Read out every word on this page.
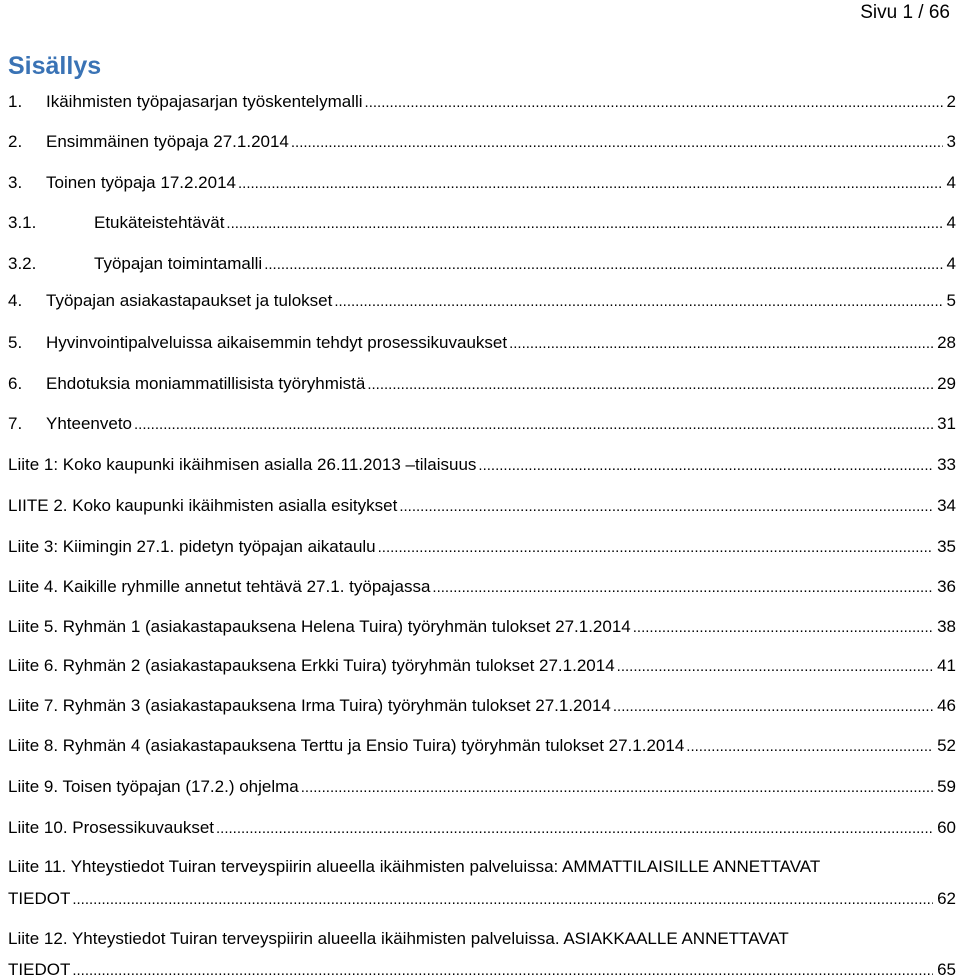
Sivu 1 / 66
Sisällys
1.	Ikäihmisten työpajasarjan työskentelymalli .....	2
2.	Ensimmäinen työpaja 27.1.2014 .....	3
3.	Toinen työpaja 17.2.2014 .....	4
3.1.	Etukäteistehtävät .....	4
3.2.	Työpajan toimintamalli .....	4
4.	Työpajan asiakastapaukset ja tulokset .....	5
5.	Hyvinvointipalveluissa aikaisemmin tehdyt prosessikuvaukset .....	28
6.	Ehdotuksia moniammatillisista työryhmistä .....	29
7.	Yhteenveto .....	31
Liite 1: Koko kaupunki ikäihmisen asialla 26.11.2013 –tilaisuus .....	33
LIITE 2. Koko kaupunki ikäihmisten asialla esitykset .....	34
Liite 3: Kiimingin 27.1. pidetyn työpajan aikataulu .....	35
Liite 4. Kaikille ryhmille annetut tehtävä 27.1. työpajassa .....	36
Liite 5. Ryhmän 1 (asiakastapauksena Helena Tuira) työryhmän tulokset 27.1.2014 .....	38
Liite 6. Ryhmän 2 (asiakastapauksena Erkki Tuira) työryhmän tulokset 27.1.2014 .....	41
Liite 7. Ryhmän 3 (asiakastapauksena Irma Tuira) työryhmän tulokset 27.1.2014 .....	46
Liite 8. Ryhmän 4 (asiakastapauksena Terttu ja Ensio Tuira) työryhmän tulokset 27.1.2014 .....	52
Liite 9. Toisen työpajan (17.2.) ohjelma .....	59
Liite 10. Prosessikuvaukset .....	60
Liite 11. Yhteystiedot Tuiran terveyspiirin alueella ikäihmisten palveluissa: AMMATTILAISILLE ANNETTAVAT
TIEDOT .....	62
Liite 12. Yhteystiedot Tuiran terveyspiirin alueella ikäihmisten palveluissa. ASIAKKAALLE ANNETTAVAT
TIEDOT .....	65
